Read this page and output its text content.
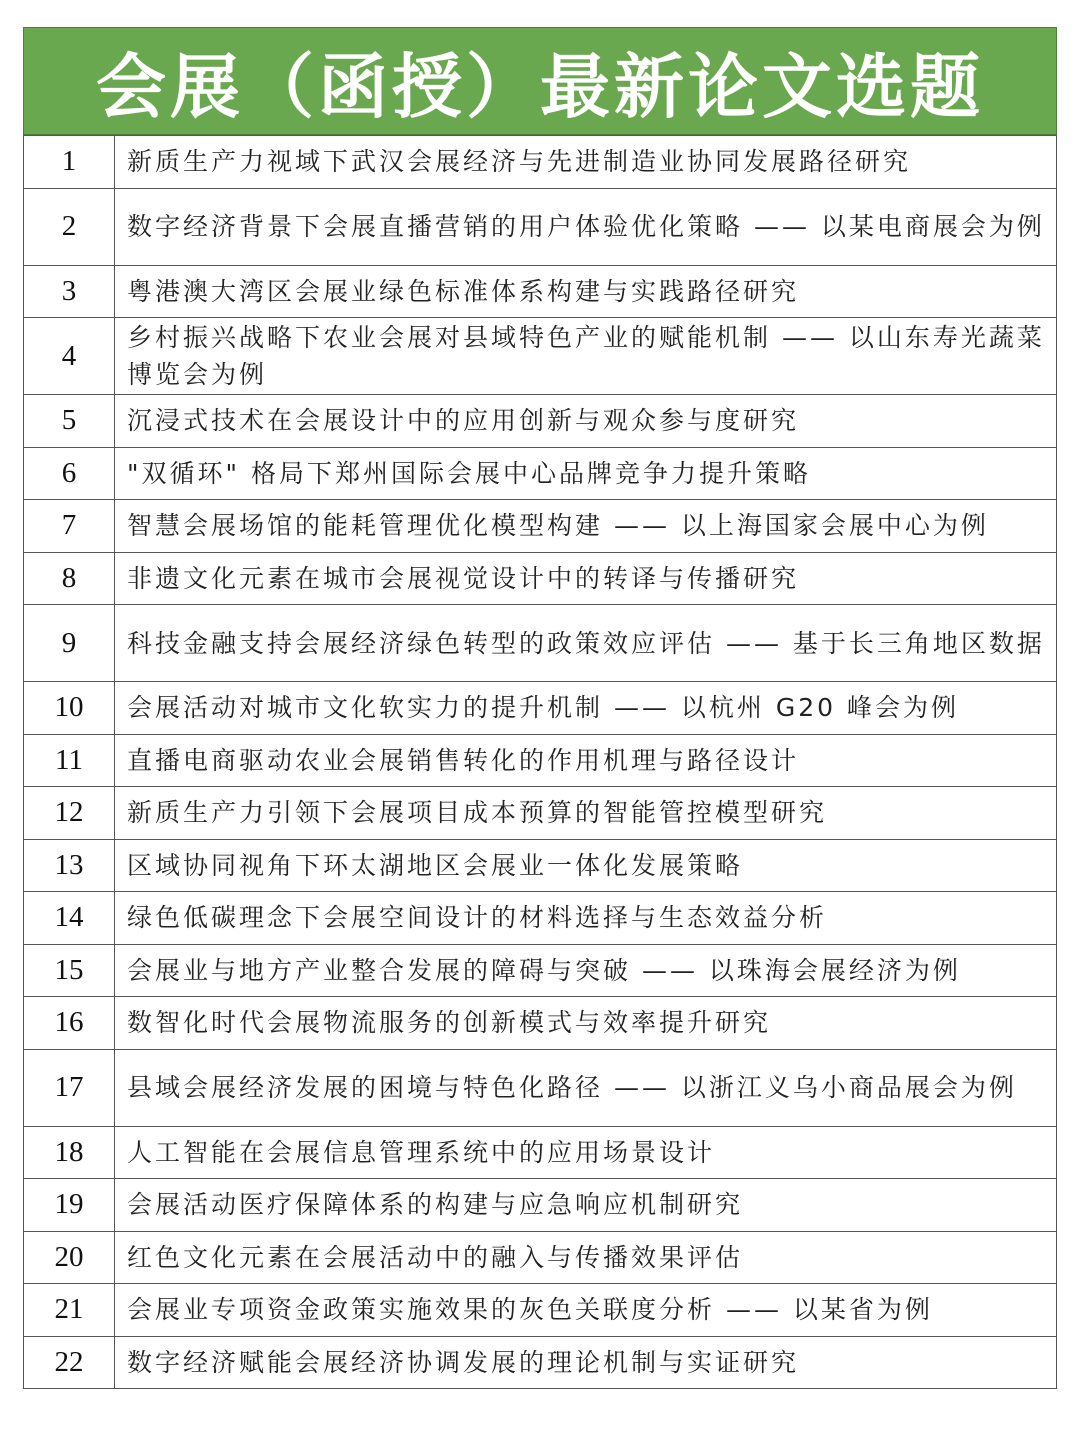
会展（函授）最新论文选题
1	新质生产力视域下武汉会展经济与先进制造业协同发展路径研究
2	数字经济背景下会展直播营销的用户体验优化策略 —— 以某电商展会为例
3	粤港澳大湾区会展业绿色标准体系构建与实践路径研究
4	乡村振兴战略下农业会展对县域特色产业的赋能机制 —— 以山东寿光蔬菜博览会为例
5	沉浸式技术在会展设计中的应用创新与观众参与度研究
6	"双循环" 格局下郑州国际会展中心品牌竞争力提升策略
7	智慧会展场馆的能耗管理优化模型构建 —— 以上海国家会展中心为例
8	非遗文化元素在城市会展视觉设计中的转译与传播研究
9	科技金融支持会展经济绿色转型的政策效应评估 —— 基于长三角地区数据
10	会展活动对城市文化软实力的提升机制 —— 以杭州 G20 峰会为例
11	直播电商驱动农业会展销售转化的作用机理与路径设计
12	新质生产力引领下会展项目成本预算的智能管控模型研究
13	区域协同视角下环太湖地区会展业一体化发展策略
14	绿色低碳理念下会展空间设计的材料选择与生态效益分析
15	会展业与地方产业整合发展的障碍与突破 —— 以珠海会展经济为例
16	数智化时代会展物流服务的创新模式与效率提升研究
17	县域会展经济发展的困境与特色化路径 —— 以浙江义乌小商品展会为例
18	人工智能在会展信息管理系统中的应用场景设计
19	会展活动医疗保障体系的构建与应急响应机制研究
20	红色文化元素在会展活动中的融入与传播效果评估
21	会展业专项资金政策实施效果的灰色关联度分析 —— 以某省为例
22	数字经济赋能会展经济协调发展的理论机制与实证研究
